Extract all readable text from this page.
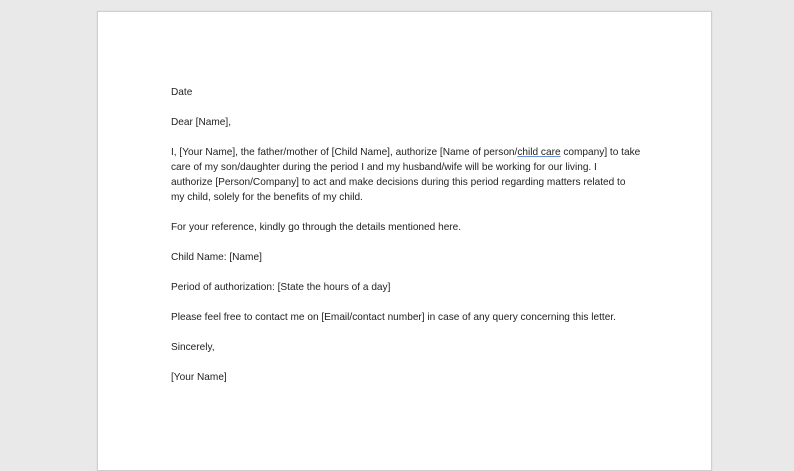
Date

Dear [Name],

I, [Your Name], the father/mother of [Child Name], authorize [Name of person/child care company] to take care of my son/daughter during the period I and my husband/wife will be working for our living. I authorize [Person/Company] to act and make decisions during this period regarding matters related to my child, solely for the benefits of my child.

For your reference, kindly go through the details mentioned here.

Child Name: [Name]

Period of authorization: [State the hours of a day]

Please feel free to contact me on [Email/contact number] in case of any query concerning this letter.

Sincerely,

[Your Name]
